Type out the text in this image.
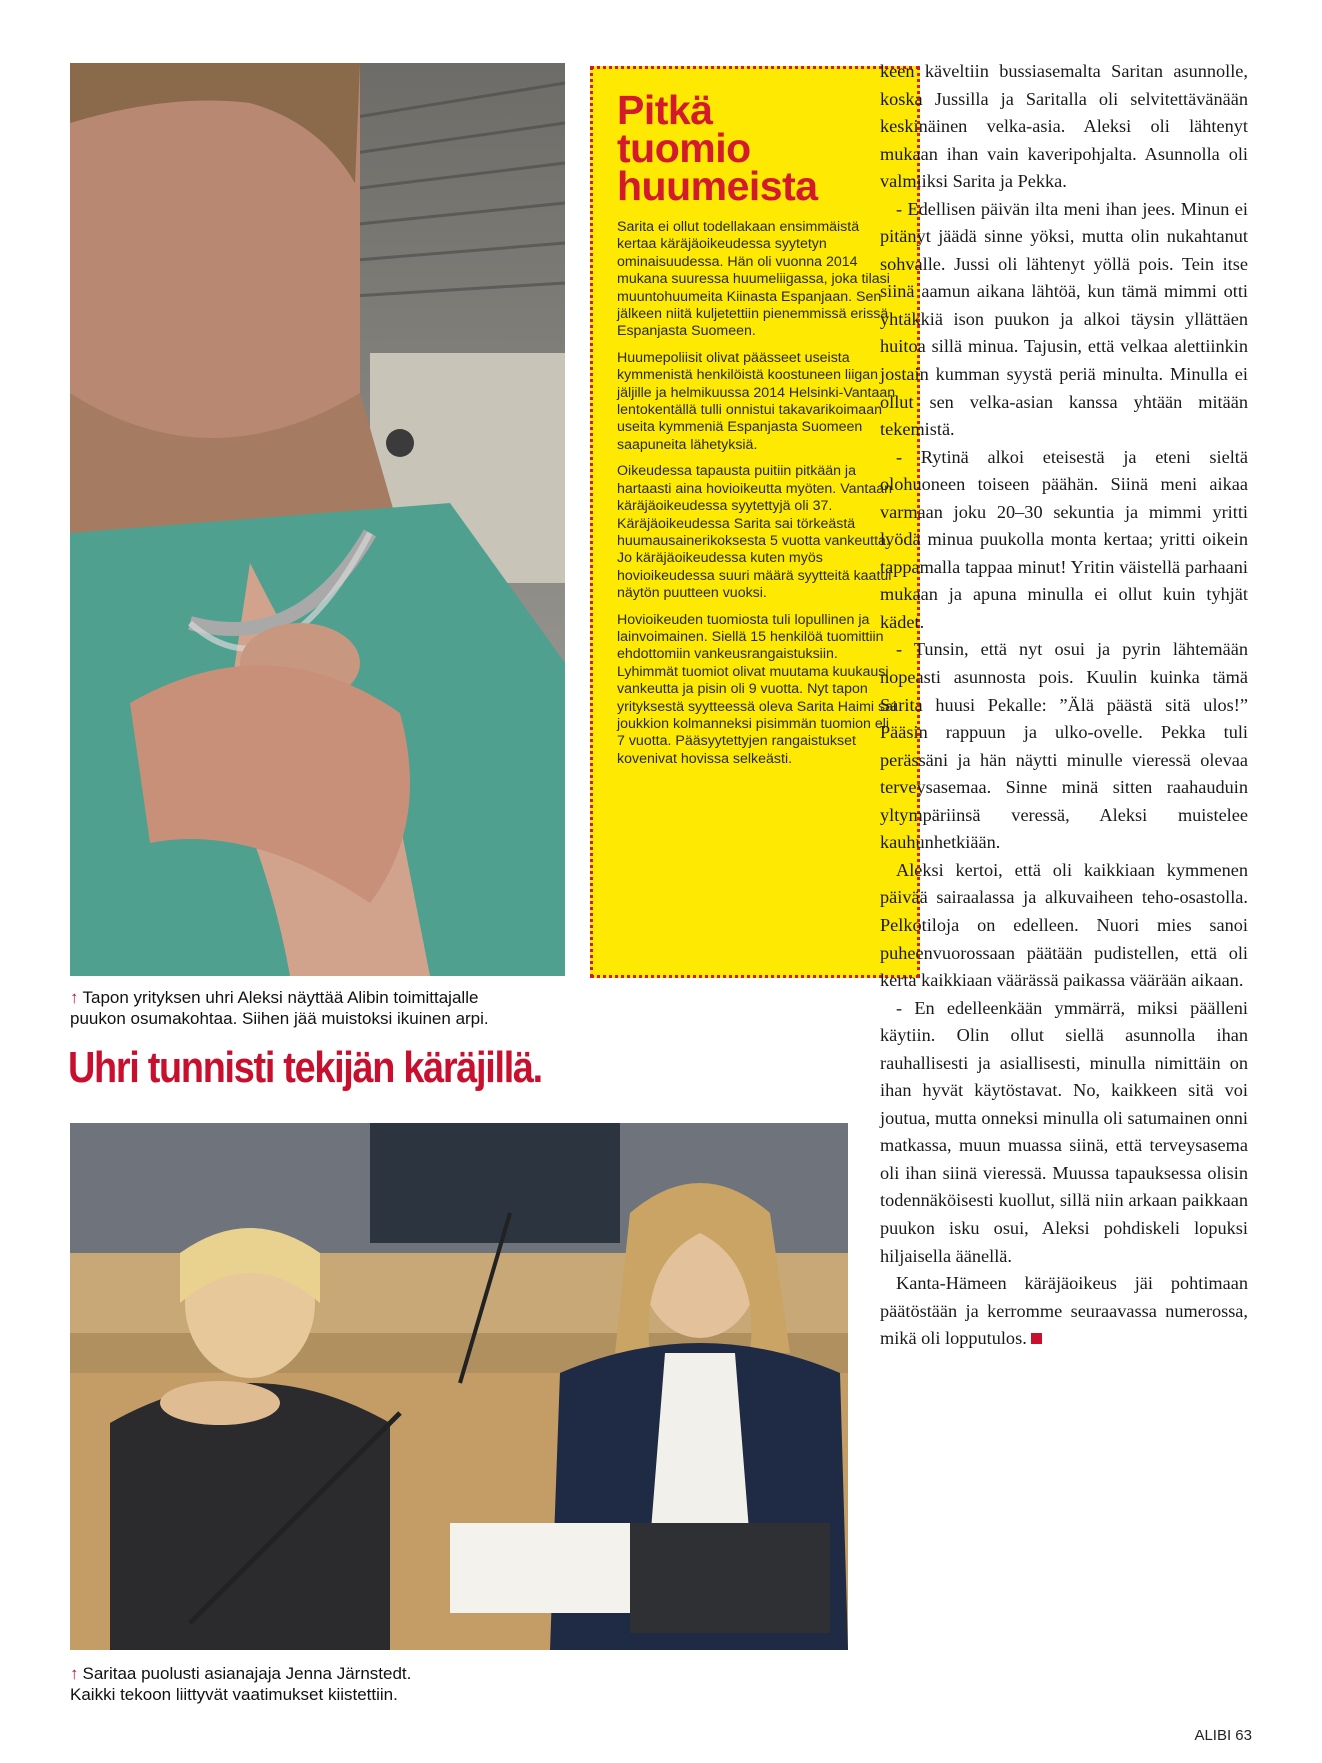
Pitkä
tuomio
huumeista

Sarita ei ollut todellakaan ensimmäistä kertaa käräjäoikeudessa syytetyn ominaisuudessa. Hän oli vuonna 2014 mukana suuressa huumeliigassa, joka tilasi muuntohuumeita Kiinasta Espanjaan. Sen jälkeen niitä kuljetettiin pienemmissä erissä Espanjasta Suomeen.

Huumepoliisit olivat päässeet useista kymmenistä henkilöistä koostuneen liigan jäljille ja helmikuussa 2014 Helsinki-Vantaan lentokentällä tulli onnistui takavarikoimaan useita kymmeniä Espanjasta Suomeen saapuneita lähetyksiä.

Oikeudessa tapausta puitiin pitkään ja hartaasti aina hovioikeutta myöten. Vantaan käräjäoikeudessa syytettyjä oli 37. Käräjäoikeudessa Sarita sai törkeästä huumausainerikoksesta 5 vuotta vankeutta. Jo käräjäoikeudessa kuten myös hovioikeudessa suuri määrä syytteitä kaatui näytön puutteen vuoksi.

Hovioikeuden tuomiosta tuli lopullinen ja lainvoimainen. Siellä 15 henkilöä tuomittiin ehdottomiin vankeusrangaistuksiin. Lyhimmät tuomiot olivat muutama kuukausi vankeutta ja pisin oli 9 vuotta. Nyt tapon yrityksestä syytteessä oleva Sarita Haimi sai joukkion kolmanneksi pisimmän tuomion eli 7 vuotta. Pääsyytettyjen rangaistukset kovenivat hovissa selkeästi.

↑ Tapon yrityksen uhri Aleksi näyttää Alibin toimittajalle
puukon osumakohtaa. Siihen jää muistoksi ikuinen arpi.
Uhri tunnisti tekijän käräjillä.
↑ Saritaa puolusti asianajaja Jenna Järnstedt.
Kaikki tekoon liittyvät vaatimukset kiistettiin.

keen käveltiin bussiasemalta Saritan asunnolle, koska Jussilla ja Saritalla oli selvitettävänään keskinäinen velka-asia. Aleksi oli lähtenyt mukaan ihan vain kaveripohjalta. Asunnolla oli valmiiksi Sarita ja Pekka.

- Edellisen päivän ilta meni ihan jees. Minun ei pitänyt jäädä sinne yöksi, mutta olin nukahtanut sohvalle. Jussi oli lähtenyt yöllä pois. Tein itse siinä aamun aikana lähtöä, kun tämä mimmi otti yhtäkkiä ison puukon ja alkoi täysin yllättäen huitoa sillä minua. Tajusin, että velkaa alettiinkin jostain kumman syystä periä minulta. Minulla ei ollut sen velka-asian kanssa yhtään mitään tekemistä.

- Rytinä alkoi eteisestä ja eteni sieltä olohuoneen toiseen päähän. Siinä meni aikaa varmaan joku 20–30 sekuntia ja mimmi yritti lyödä minua puukolla monta kertaa; yritti oikein tappamalla tappaa minut! Yritin väistellä parhaani mukaan ja apuna minulla ei ollut kuin tyhjät kädet.

- Tunsin, että nyt osui ja pyrin lähtemään nopeasti asunnosta pois. Kuulin kuinka tämä Sarita huusi Pekalle: ”Älä päästä sitä ulos!” Pääsin rappuun ja ulko-ovelle. Pekka tuli perässäni ja hän näytti minulle vieressä olevaa terveysasemaa. Sinne minä sitten raahauduin yltympäriinsä veressä, Aleksi muistelee kauhunhetkiään.

Aleksi kertoi, että oli kaikkiaan kymmenen päivää sairaalassa ja alkuvaiheen teho-osastolla. Pelkotiloja on edelleen. Nuori mies sanoi puheenvuorossaan päätään pudistellen, että oli kerta kaikkiaan väärässä paikassa väärään aikaan.

- En edelleenkään ymmärrä, miksi päälleni käytiin. Olin ollut siellä asunnolla ihan rauhallisesti ja asiallisesti, minulla nimittäin on ihan hyvät käytöstavat. No, kaikkeen sitä voi joutua, mutta onneksi minulla oli satumainen onni matkassa, muun muassa siinä, että terveysasema oli ihan siinä vieressä. Muussa tapauksessa olisin todennäköisesti kuollut, sillä niin arkaan paikkaan puukon isku osui, Aleksi pohdiskeli lopuksi hiljaisella äänellä.

Kanta-Hämeen käräjäoikeus jäi pohtimaan päätöstään ja kerromme seuraavassa numerossa, mikä oli lopputulos.

ALIBI 63
